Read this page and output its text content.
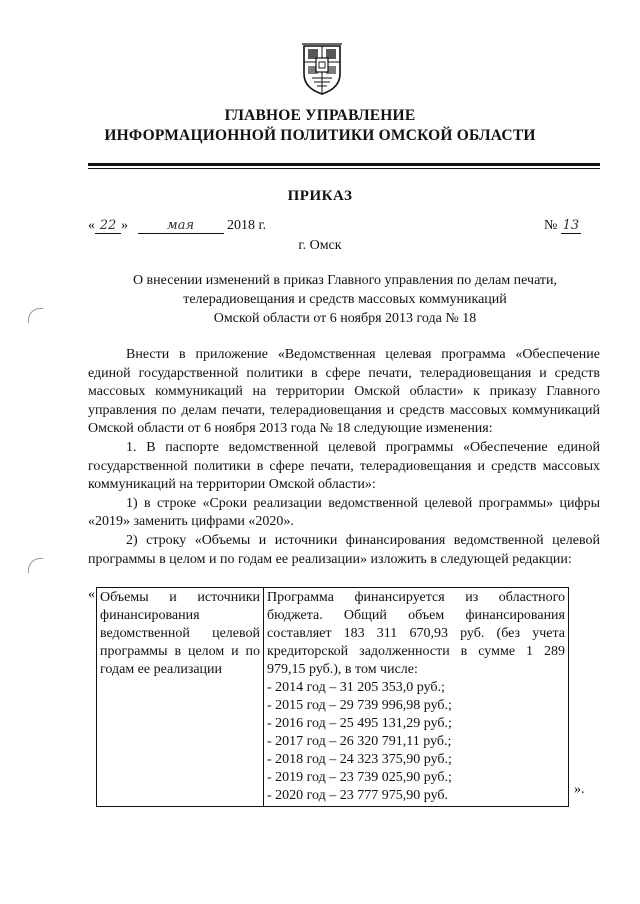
ГЛАВНОЕ УПРАВЛЕНИЕ
ИНФОРМАЦИОННОЙ ПОЛИТИКИ ОМСКОЙ ОБЛАСТИ
ПРИКАЗ
« 22 »	мая 2018 г.	№ 13
г. Омск
О внесении изменений в приказ Главного управления по делам печати,
телерадиовещания и средств массовых коммуникаций
Омской области от 6 ноября 2013 года № 18

Внести в приложение «Ведомственная целевая программа «Обеспечение единой государственной политики в сфере печати, телерадиовещания и средств массовых коммуникаций на территории Омской области» к приказу Главного управления по делам печати, телерадиовещания и средств массовых коммуникаций Омской области от 6 ноября 2013 года № 18 следующие изменения:

1. В паспорте ведомственной целевой программы «Обеспечение единой государственной политики в сфере печати, телерадиовещания и средств массовых коммуникаций на территории Омской области»:

1) в строке «Сроки реализации ведомственной целевой программы» цифры «2019» заменить цифрами «2020».

2) строку «Объемы и источники финансирования ведомственной целевой программы в целом и по годам ее реализации» изложить в следующей редакции:

« Объемы и источники финансирования ведомственной целевой программы в целом и по годам ее реализации	
Программа финансируется из областного бюджета. Общий объем финансирования составляет 183 311 670,93 руб. (без учета кредиторской задолженности в сумме 1 289 979,15 руб.), в том числе:
- 2014 год – 31 205 353,0 руб.;
- 2015 год – 29 739 996,98 руб.;
- 2016 год – 25 495 131,29 руб.;
- 2017 год – 26 320 791,11 руб.;
- 2018 год – 24 323 375,90 руб.;
- 2019 год – 23 739 025,90 руб.;
- 2020 год – 23 777 975,90 руб.	».
